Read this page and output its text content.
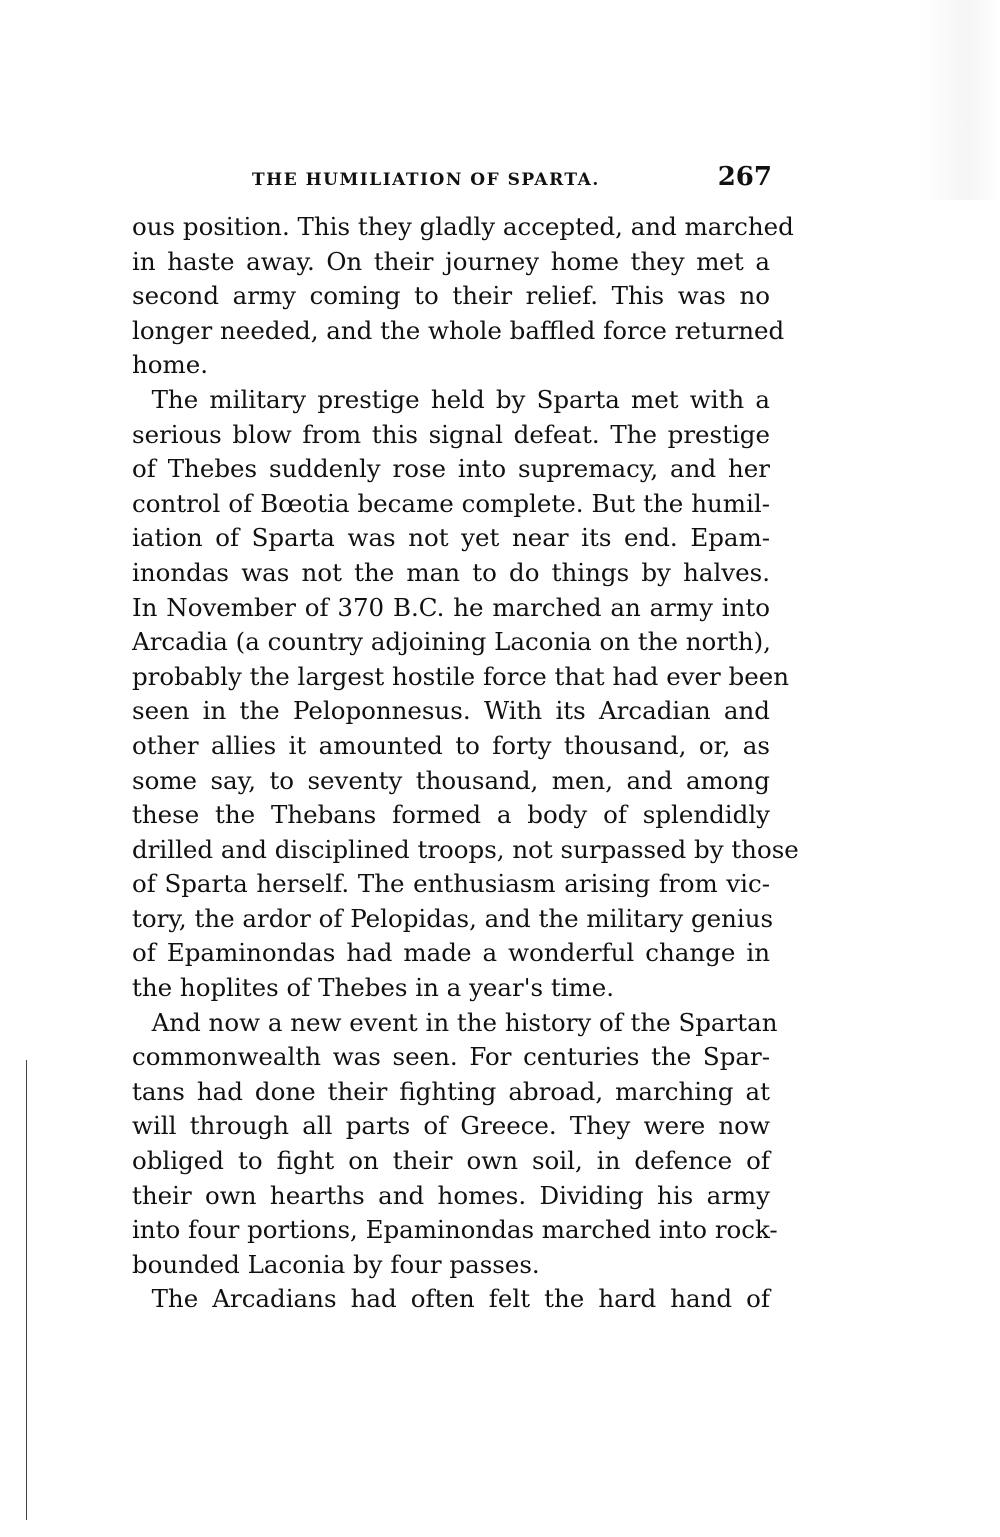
THE HUMILIATION OF SPARTA.	267

ous position. This they gladly accepted, and marched
in haste away. On their journey home they met a
second army coming to their relief. This was no
longer needed, and the whole baffled force returned
home.

The military prestige held by Sparta met with a
serious blow from this signal defeat. The prestige
of Thebes suddenly rose into supremacy, and her
control of Bœotia became complete. But the humil-
iation of Sparta was not yet near its end. Epam-
inondas was not the man to do things by halves.
In November of 370 B.C. he marched an army into
Arcadia (a country adjoining Laconia on the north),
probably the largest hostile force that had ever been
seen in the Peloponnesus. With its Arcadian and
other allies it amounted to forty thousand, or, as
some say, to seventy thousand, men, and among
these the Thebans formed a body of splendidly
drilled and disciplined troops, not surpassed by those
of Sparta herself. The enthusiasm arising from vic-
tory, the ardor of Pelopidas, and the military genius
of Epaminondas had made a wonderful change in
the hoplites of Thebes in a year's time.

And now a new event in the history of the Spartan
commonwealth was seen. For centuries the Spar-
tans had done their fighting abroad, marching at
will through all parts of Greece. They were now
obliged to fight on their own soil, in defence of
their own hearths and homes. Dividing his army
into four portions, Epaminondas marched into rock-
bounded Laconia by four passes.

The Arcadians had often felt the hard hand of
